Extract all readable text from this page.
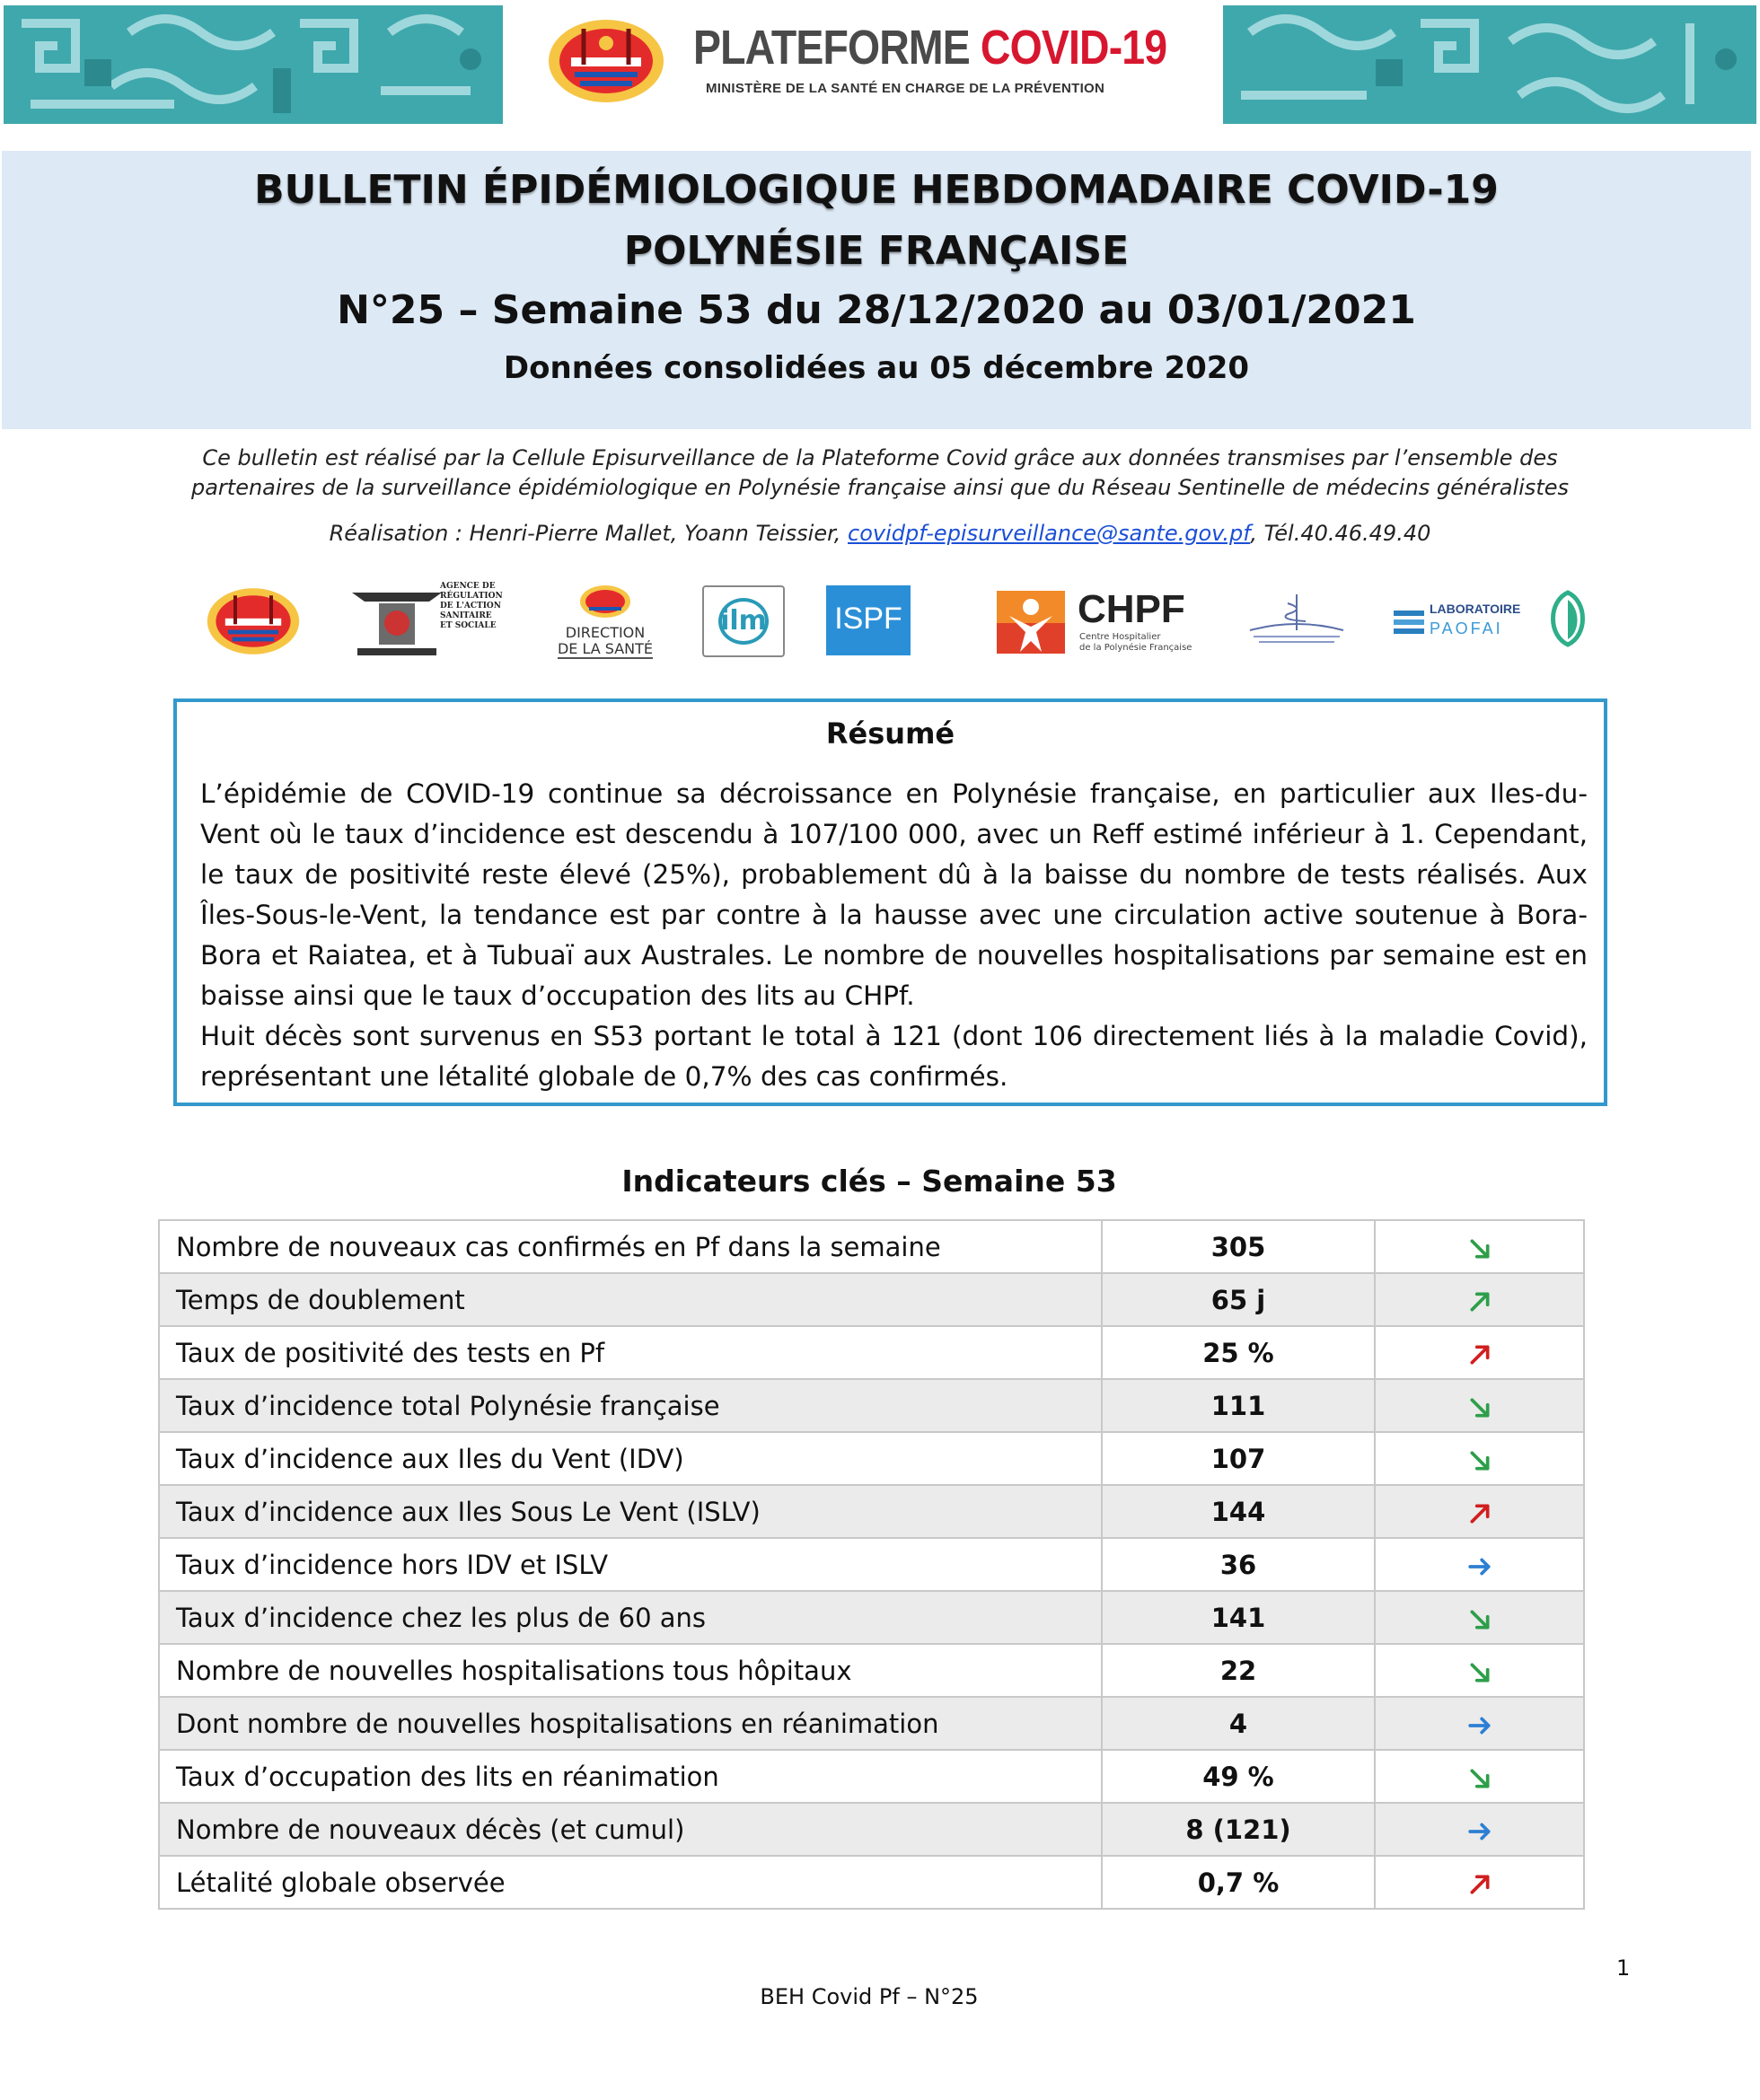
PLATEFORME COVID-19
MINISTÈRE DE LA SANTÉ EN CHARGE DE LA PRÉVENTION
BULLETIN ÉPIDÉMIOLOGIQUE HEBDOMADAIRE COVID-19
POLYNÉSIE FRANÇAISE
N°25 – Semaine 53 du 28/12/2020 au 03/01/2021
Données consolidées au 05 décembre 2020
Ce bulletin est réalisé par la Cellule Episurveillance de la Plateforme Covid grâce aux données transmises par l’ensemble des
partenaires de la surveillance épidémiologique en Polynésie française ainsi que du Réseau Sentinelle de médecins généralistes
Réalisation : Henri-Pierre Mallet, Yoann Teissier, covidpf-episurveillance@sante.gov.pf, Tél.40.46.49.40
ARASS	AGENCE DE
RÉGULATION
DE L'ACTION
SANITAIRE
ET SOCIALE	DIRECTION
DE LA SANTÉ
ilm	ISPF	CHPF
Centre Hospitalier
de la Polynésie Française
LABORATOIRE
PAOFAI
Résumé

L’épidémie de COVID-19 continue sa décroissance en Polynésie française, en particulier aux Iles-du-Vent où le taux d’incidence est descendu à 107/100 000, avec un Reff estimé inférieur à 1. Cependant, le taux de positivité reste élevé (25%), probablement dû à la baisse du nombre de tests réalisés. Aux Îles-Sous-le-Vent, la tendance est par contre à la hausse avec une circulation active soutenue à Bora-Bora et Raiatea, et à Tubuaï aux Australes. Le nombre de nouvelles hospitalisations par semaine est en baisse ainsi que le taux d’occupation des lits au CHPf.

Huit décès sont survenus en S53 portant le total à 121 (dont 106 directement liés à la maladie Covid), représentant une létalité globale de 0,7% des cas confirmés.

Indicateurs clés – Semaine 53
Nombre de nouveaux cas confirmés en Pf dans la semaine	305	
Temps de doublement	65 j	
Taux de positivité des tests en Pf	25 %	
Taux d’incidence total Polynésie française	111	
Taux d’incidence aux Iles du Vent (IDV)	107	
Taux d’incidence aux Iles Sous Le Vent (ISLV)	144	
Taux d’incidence hors IDV et ISLV	36	
Taux d’incidence chez les plus de 60 ans	141	
Nombre de nouvelles hospitalisations tous hôpitaux	22	
Dont nombre de nouvelles hospitalisations en réanimation	4	
Taux d’occupation des lits en réanimation	49 %	
Nombre de nouveaux décès (et cumul)	8 (121)	
Létalité globale observée	0,7 %	
1
BEH Covid Pf – N°25
